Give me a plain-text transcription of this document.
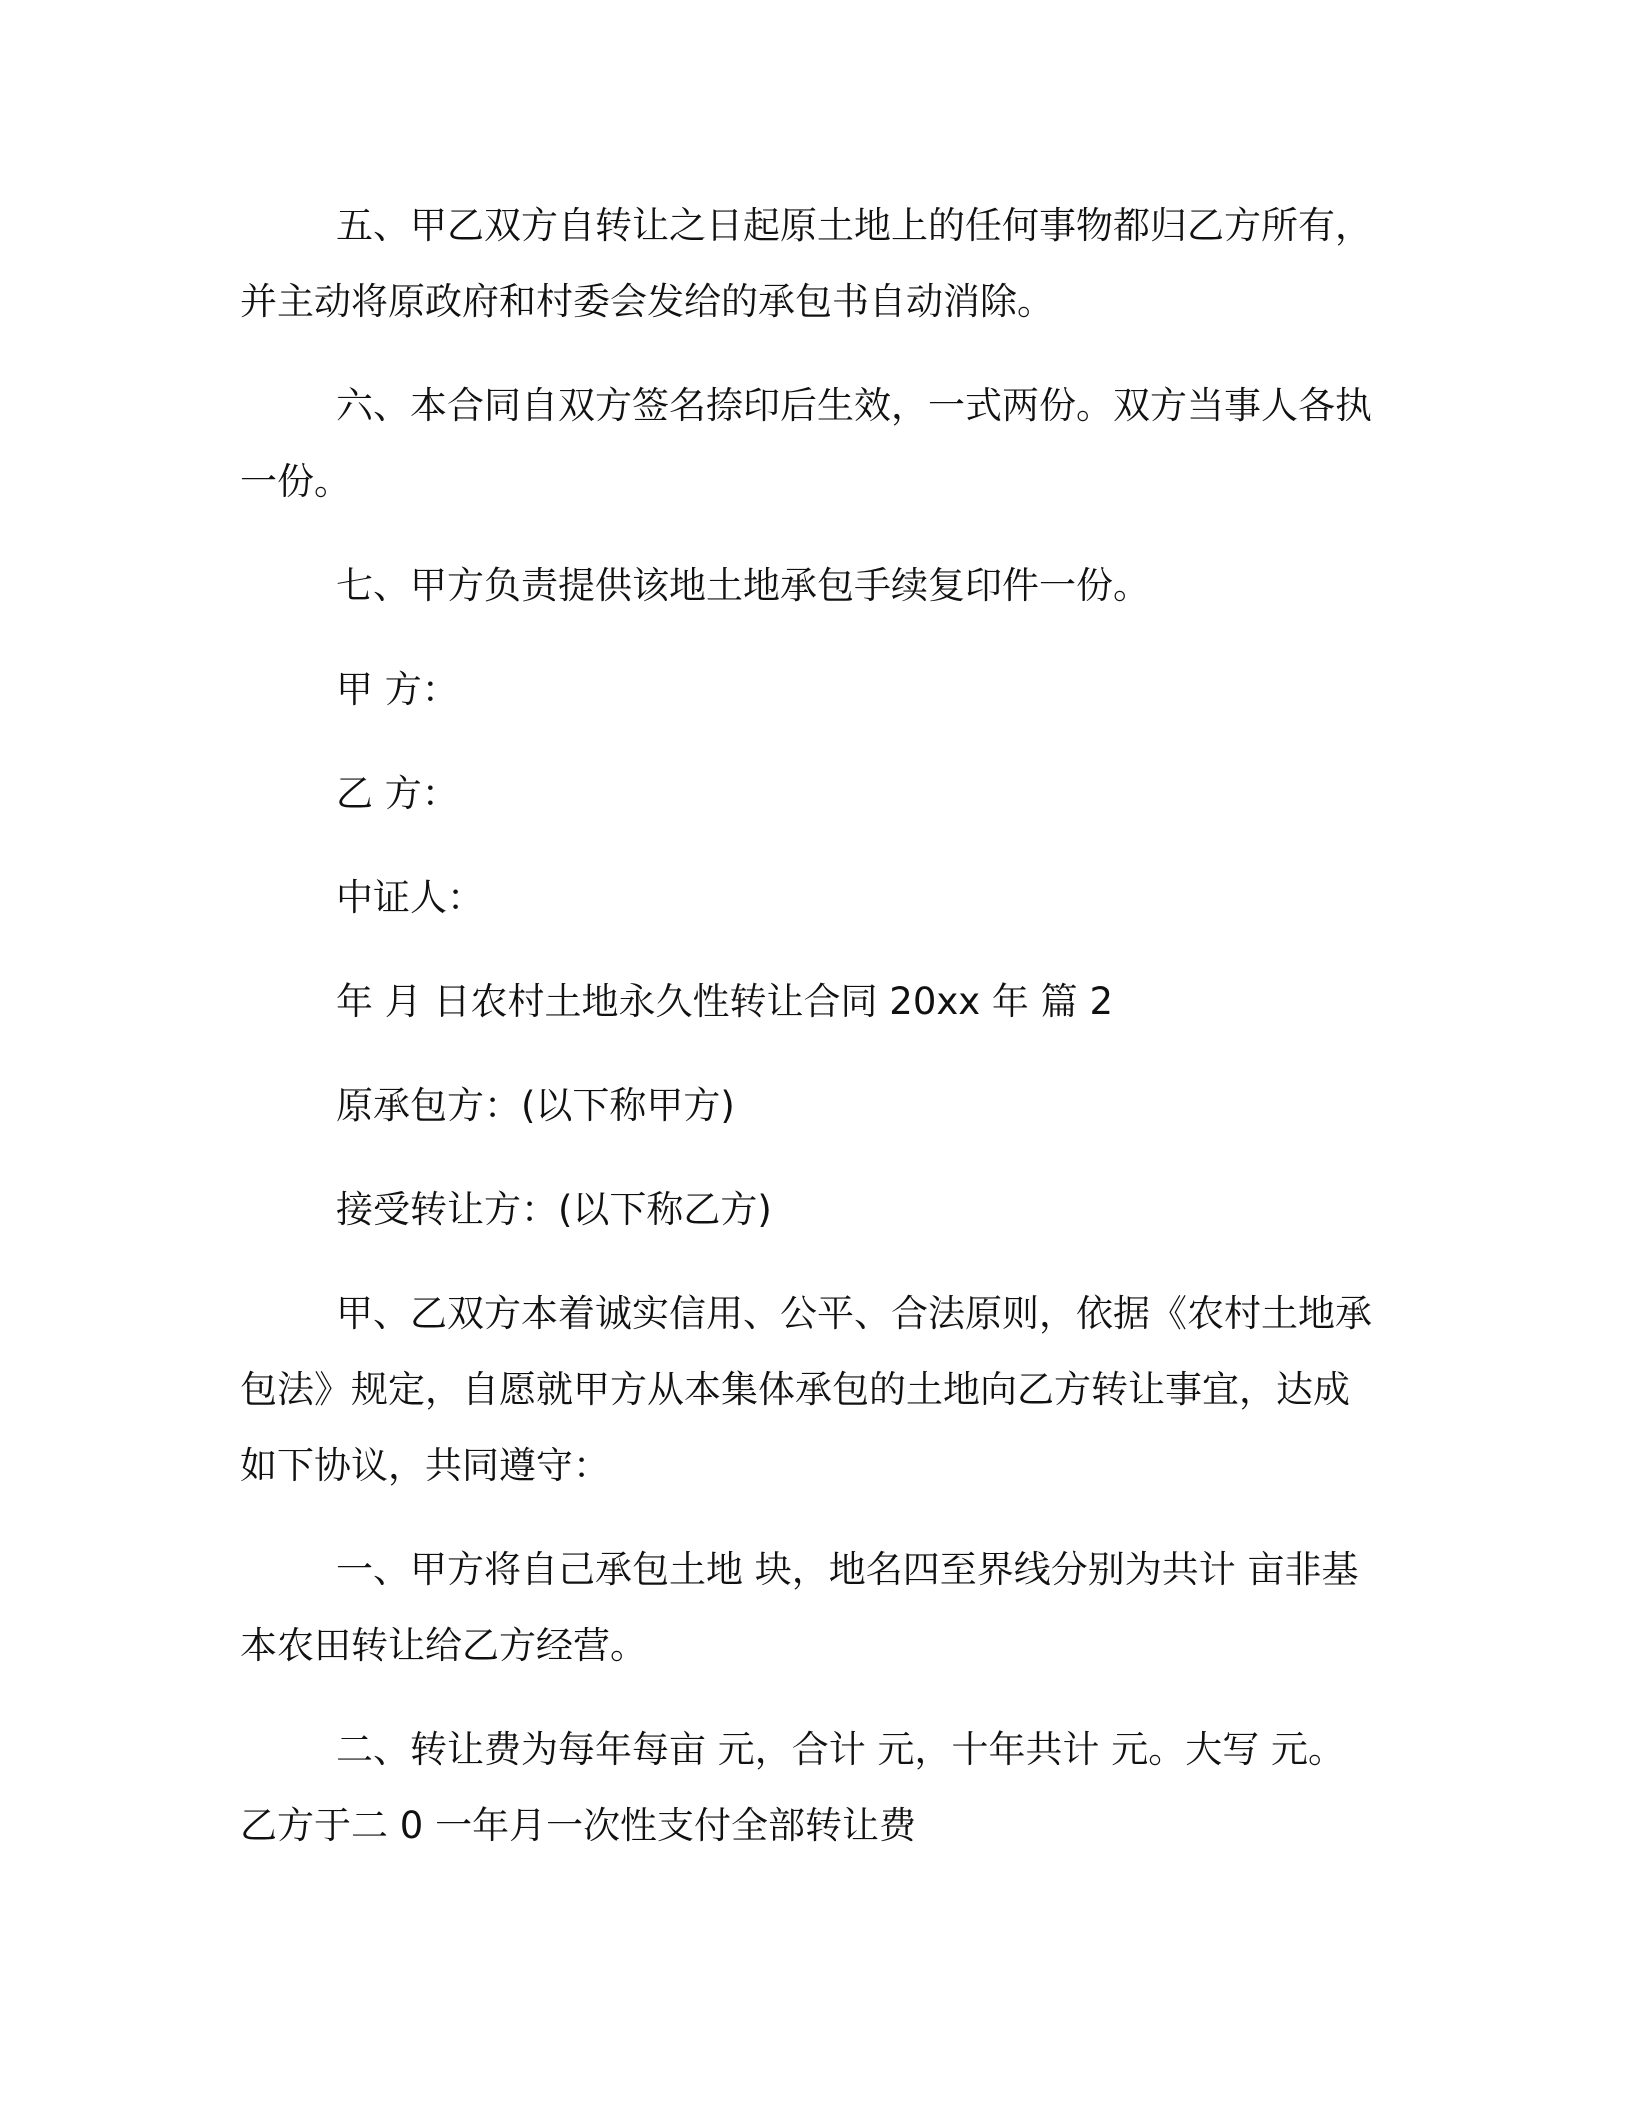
五、甲乙双方自转让之日起原土地上的任何事物都归乙方所有，并主动将原政府和村委会发给的承包书自动消除。

六、本合同自双方签名捺印后生效，一式两份。双方当事人各执一份。

七、甲方负责提供该地土地承包手续复印件一份。

甲 方：

乙 方：

中证人：

年 月 日农村土地永久性转让合同 20xx 年 篇 2

原承包方：(以下称甲方)

接受转让方：(以下称乙方)

甲、乙双方本着诚实信用、公平、合法原则，依据《农村土地承包法》规定，自愿就甲方从本集体承包的土地向乙方转让事宜，达成如下协议，共同遵守：

一、甲方将自己承包土地 块，地名四至界线分别为共计 亩非基本农田转让给乙方经营。

二、转让费为每年每亩 元，合计 元，十年共计 元。大写 元。乙方于二 0 一年月一次性支付全部转让费
